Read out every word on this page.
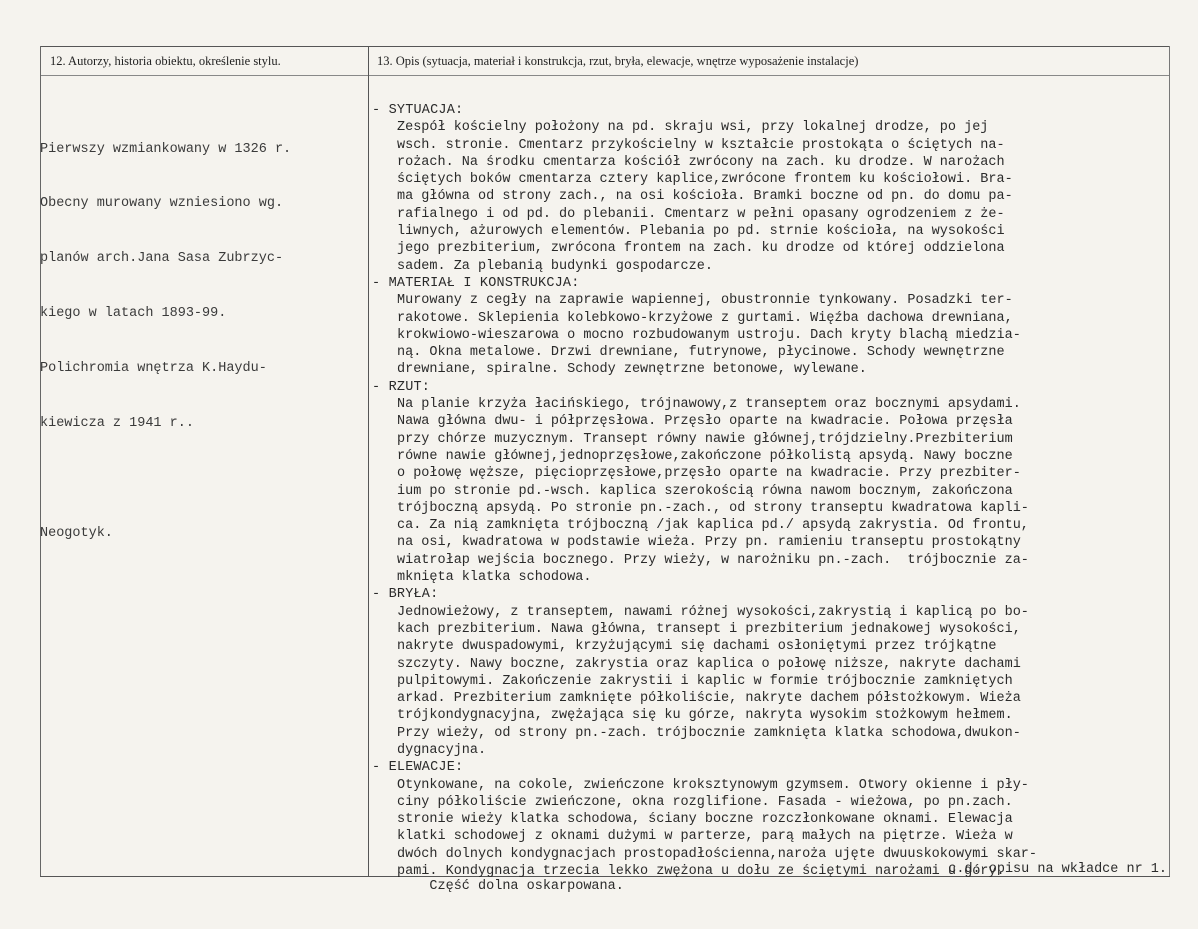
12. Autorzy, historia obiektu, określenie stylu.	13. Opis (sytuacja, materiał i konstrukcja, rzut, bryła, elewacje, wnętrze wyposażenie instalacje)

Pierwszy wzmiankowany w 1326 r.

Obecny murowany wzniesiono wg.

planów arch.Jana Sasa Zubrzyc-

kiego w latach 1893-99.

Polichromia wnętrza K.Haydu-

kiewicza z 1941 r..

Neogotyk.

- SYTUACJA:
Zespół kościelny położony na pd. skraju wsi, przy lokalnej drodze, po jej
wsch. stronie. Cmentarz przykościelny w kształcie prostokąta o ściętych na-
rożach. Na środku cmentarza kościół zwrócony na zach. ku drodze. W narożach
ściętych boków cmentarza cztery kaplice,zwrócone frontem ku kościołowi. Bra-
ma główna od strony zach., na osi kościoła. Bramki boczne od pn. do domu pa-
rafialnego i od pd. do plebanii. Cmentarz w pełni opasany ogrodzeniem z że-
liwnych, ażurowych elementów. Plebania po pd. strnie kościoła, na wysokości
jego prezbiterium, zwrócona frontem na zach. ku drodze od której oddzielona
sadem. Za plebanią budynki gospodarcze.
- MATERIAŁ I KONSTRUKCJA:
Murowany z cegły na zaprawie wapiennej, obustronnie tynkowany. Posadzki ter-
rakotowe. Sklepienia kolebkowo-krzyżowe z gurtami. Więźba dachowa drewniana,
krokwiowo-wieszarowa o mocno rozbudowanym ustroju. Dach kryty blachą miedzia-
ną. Okna metalowe. Drzwi drewniane, futrynowe, płycinowe. Schody wewnętrzne
drewniane, spiralne. Schody zewnętrzne betonowe, wylewane.
- RZUT:
Na planie krzyża łacińskiego, trójnawowy,z transeptem oraz bocznymi apsydami.
Nawa główna dwu- i półprzęsłowa. Przęsło oparte na kwadracie. Połowa przęsła
przy chórze muzycznym. Transept równy nawie głównej,trójdzielny.Prezbiterium
równe nawie głównej,jednoprzęsłowe,zakończone półkolistą apsydą. Nawy boczne
o połowę węższe, pięcioprzęsłowe,przęsło oparte na kwadracie. Przy prezbiter-
ium po stronie pd.-wsch. kaplica szerokością równa nawom bocznym, zakończona
trójboczną apsydą. Po stronie pn.-zach., od strony transeptu kwadratowa kapli-
ca. Za nią zamknięta trójboczną /jak kaplica pd./ apsydą zakrystia. Od frontu,
na osi, kwadratowa w podstawie wieża. Przy pn. ramieniu transeptu prostokątny
wiatrołap wejścia bocznego. Przy wieży, w narożniku pn.-zach.  trójbocznie za-
mknięta klatka schodowa.
- BRYŁA:
Jednowieżowy, z transeptem, nawami różnej wysokości,zakrystią i kaplicą po bo-
kach prezbiterium. Nawa główna, transept i prezbiterium jednakowej wysokości,
nakryte dwuspadowymi, krzyżującymi się dachami osłoniętymi przez trójkątne
szczyty. Nawy boczne, zakrystia oraz kaplica o połowę niższe, nakryte dachami
pulpitowymi. Zakończenie zakrystii i kaplic w formie trójbocznie zamkniętych
arkad. Prezbiterium zamknięte półkoliście, nakryte dachem półstożkowym. Wieża
trójkondygnacyjna, zwężająca się ku górze, nakryta wysokim stożkowym hełmem.
Przy wieży, od strony pn.-zach. trójbocznie zamknięta klatka schodowa,dwukon-
dygnacyjna.
- ELEWACJE:
Otynkowane, na cokole, zwieńczone kroksztynowym gzymsem. Otwory okienne i pły-
ciny półkoliście zwieńczone, okna rozglifione. Fasada - wieżowa, po pn.zach.
stronie wieży klatka schodowa, ściany boczne rozczłonkowane oknami. Elewacja
klatki schodowej z oknami dużymi w parterze, parą małych na piętrze. Wieża w
dwóch dolnych kondygnacjach prostopadłościenna,naroża ujęte dwuuskokowymi skar-
pami. Kondygnacja trzecia lekko zwężona u dołu ze ściętymi narożami u góry.

Część dolna oskarpowana.

c.d. opisu na wkładce nr 1.
